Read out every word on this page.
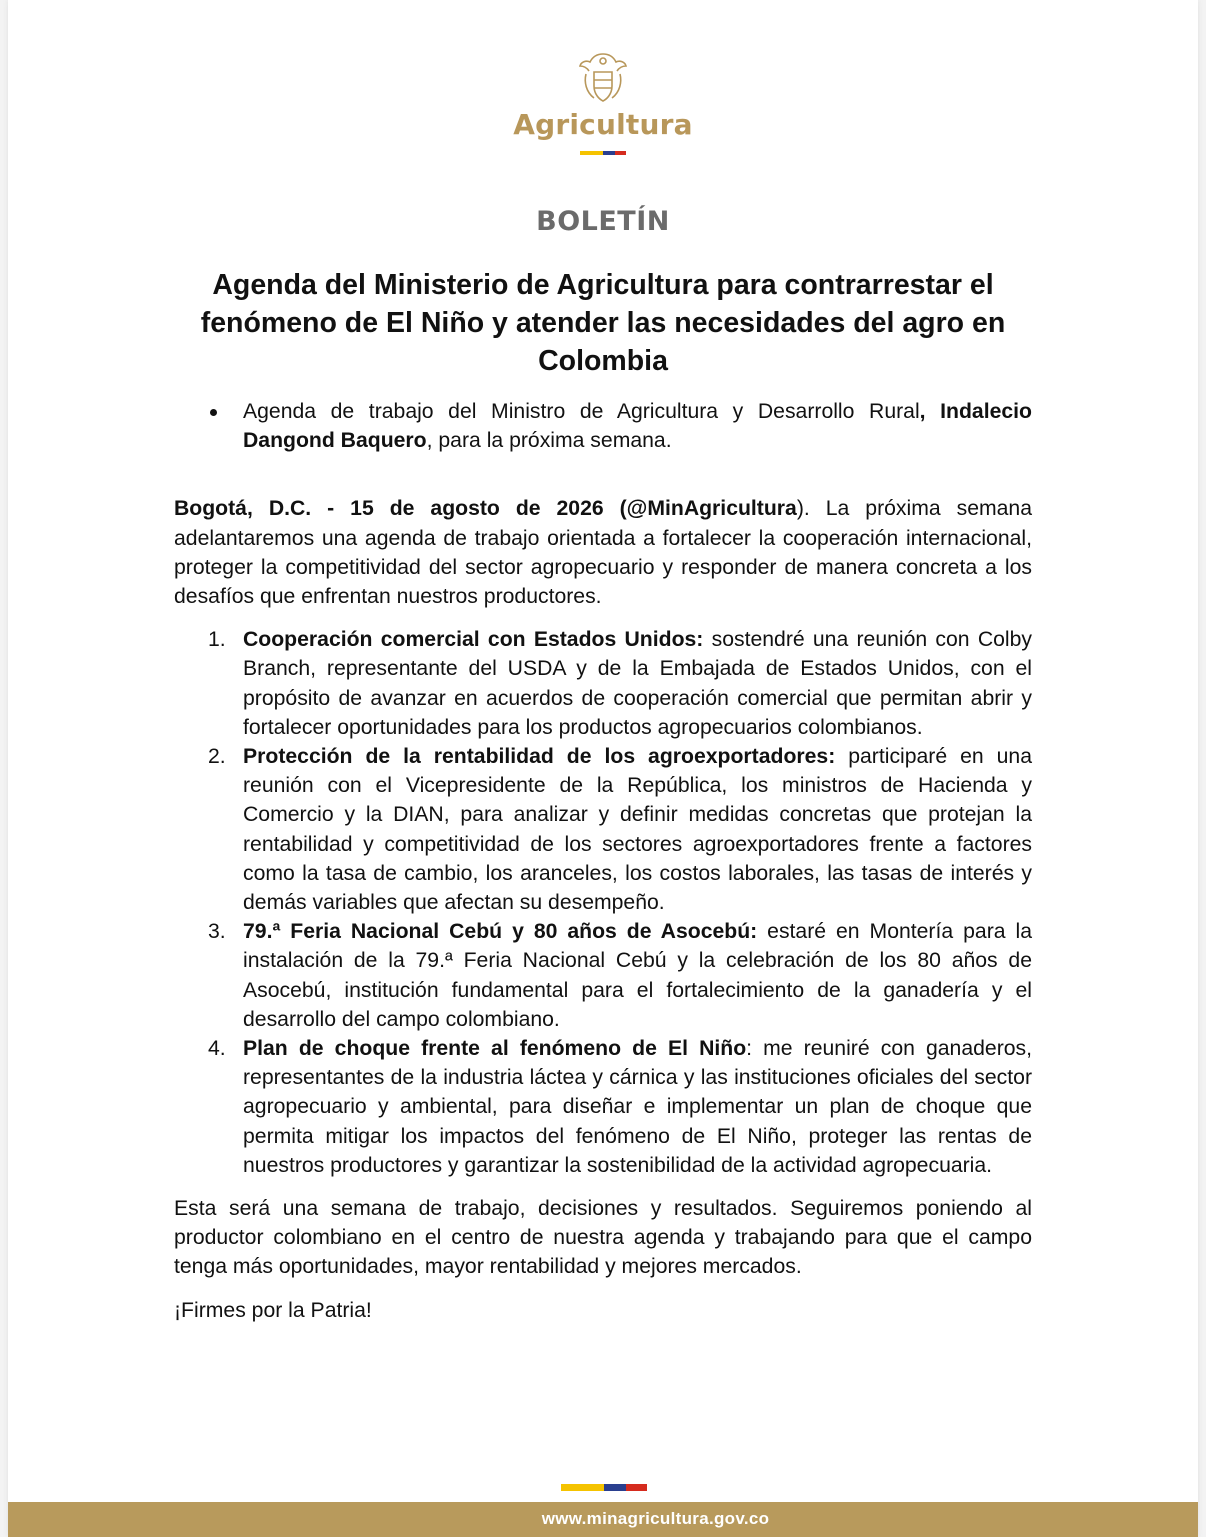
Agricultura
BOLETÍN
Agenda del Ministerio de Agricultura para contrarrestar el fenómeno de El Niño y atender las necesidades del agro en Colombia
Agenda de trabajo del Ministro de Agricultura y Desarrollo Rural, Indalecio Dangond Baquero, para la próxima semana.

Bogotá, D.C. - 15 de agosto de 2026 (@MinAgricultura). La próxima semana adelantaremos una agenda de trabajo orientada a fortalecer la cooperación internacional, proteger la competitividad del sector agropecuario y responder de manera concreta a los desafíos que enfrentan nuestros productores.

1. Cooperación comercial con Estados Unidos: sostendré una reunión con Colby Branch, representante del USDA y de la Embajada de Estados Unidos, con el propósito de avanzar en acuerdos de cooperación comercial que permitan abrir y fortalecer oportunidades para los productos agropecuarios colombianos.
2. Protección de la rentabilidad de los agroexportadores: participaré en una reunión con el Vicepresidente de la República, los ministros de Hacienda y Comercio y la DIAN, para analizar y definir medidas concretas que protejan la rentabilidad y competitividad de los sectores agroexportadores frente a factores como la tasa de cambio, los aranceles, los costos laborales, las tasas de interés y demás variables que afectan su desempeño.
3. 79.ª Feria Nacional Cebú y 80 años de Asocebú: estaré en Montería para la instalación de la 79.ª Feria Nacional Cebú y la celebración de los 80 años de Asocebú, institución fundamental para el fortalecimiento de la ganadería y el desarrollo del campo colombiano.
4. Plan de choque frente al fenómeno de El Niño: me reuniré con ganaderos, representantes de la industria láctea y cárnica y las instituciones oficiales del sector agropecuario y ambiental, para diseñar e implementar un plan de choque que permita mitigar los impactos del fenómeno de El Niño, proteger las rentas de nuestros productores y garantizar la sostenibilidad de la actividad agropecuaria.

Esta será una semana de trabajo, decisiones y resultados. Seguiremos poniendo al productor colombiano en el centro de nuestra agenda y trabajando para que el campo tenga más oportunidades, mayor rentabilidad y mejores mercados.

¡Firmes por la Patria!

www.minagricultura.gov.co
